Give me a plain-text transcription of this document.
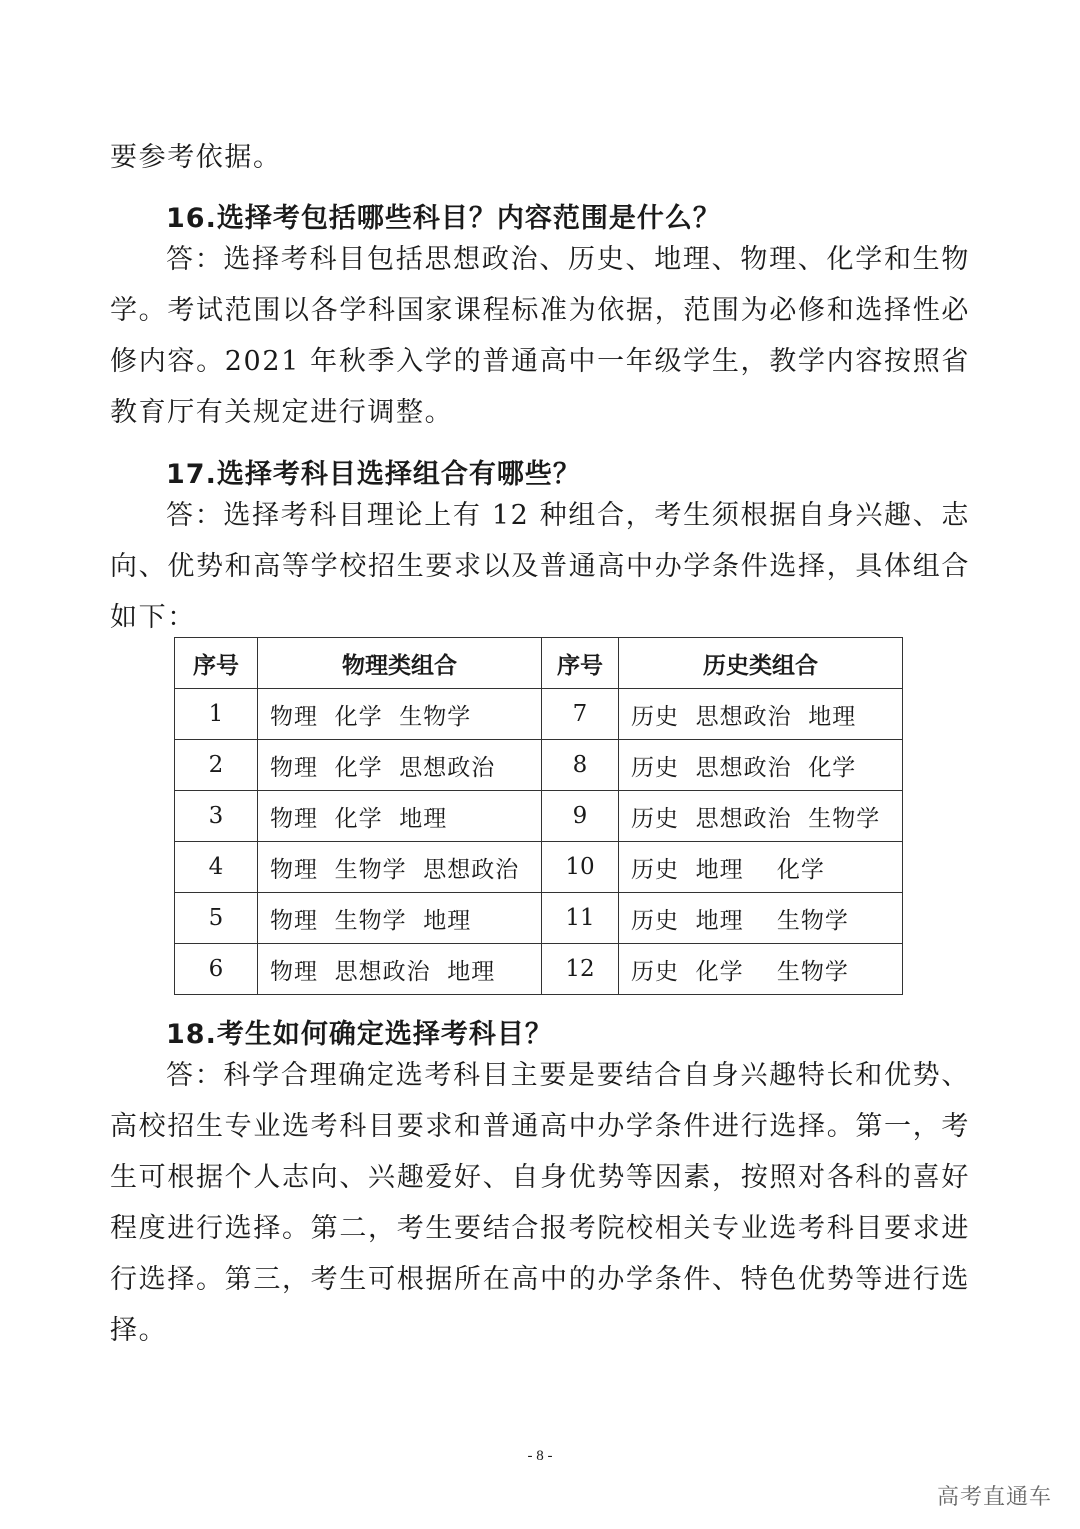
要参考依据。

16.选择考包括哪些科目？内容范围是什么？

答：选择考科目包括思想政治、历史、地理、物理、化学和生物学。考试范围以各学科国家课程标准为依据，范围为必修和选择性必修内容。2021 年秋季入学的普通高中一年级学生，教学内容按照省教育厅有关规定进行调整。

17.选择考科目选择组合有哪些？

答：选择考科目理论上有 12 种组合，考生须根据自身兴趣、志向、优势和高等学校招生要求以及普通高中办学条件选择，具体组合如下：

序号	物理类组合	序号	历史类组合
1	物理  化学  生物学	7	历史  思想政治  地理
2	物理  化学  思想政治	8	历史  思想政治  化学
3	物理  化学  地理	9	历史  思想政治  生物学
4	物理  生物学  思想政治	10	历史  地理    化学
5	物理  生物学  地理	11	历史  地理    生物学
6	物理  思想政治  地理	12	历史  化学    生物学
18.考生如何确定选择考科目？

答：科学合理确定选考科目主要是要结合自身兴趣特长和优势、高校招生专业选考科目要求和普通高中办学条件进行选择。第一，考生可根据个人志向、兴趣爱好、自身优势等因素，按照对各科的喜好程度进行选择。第二，考生要结合报考院校相关专业选考科目要求进行选择。第三，考生可根据所在高中的办学条件、特色优势等进行选择。

- 8 -
高考直通车
